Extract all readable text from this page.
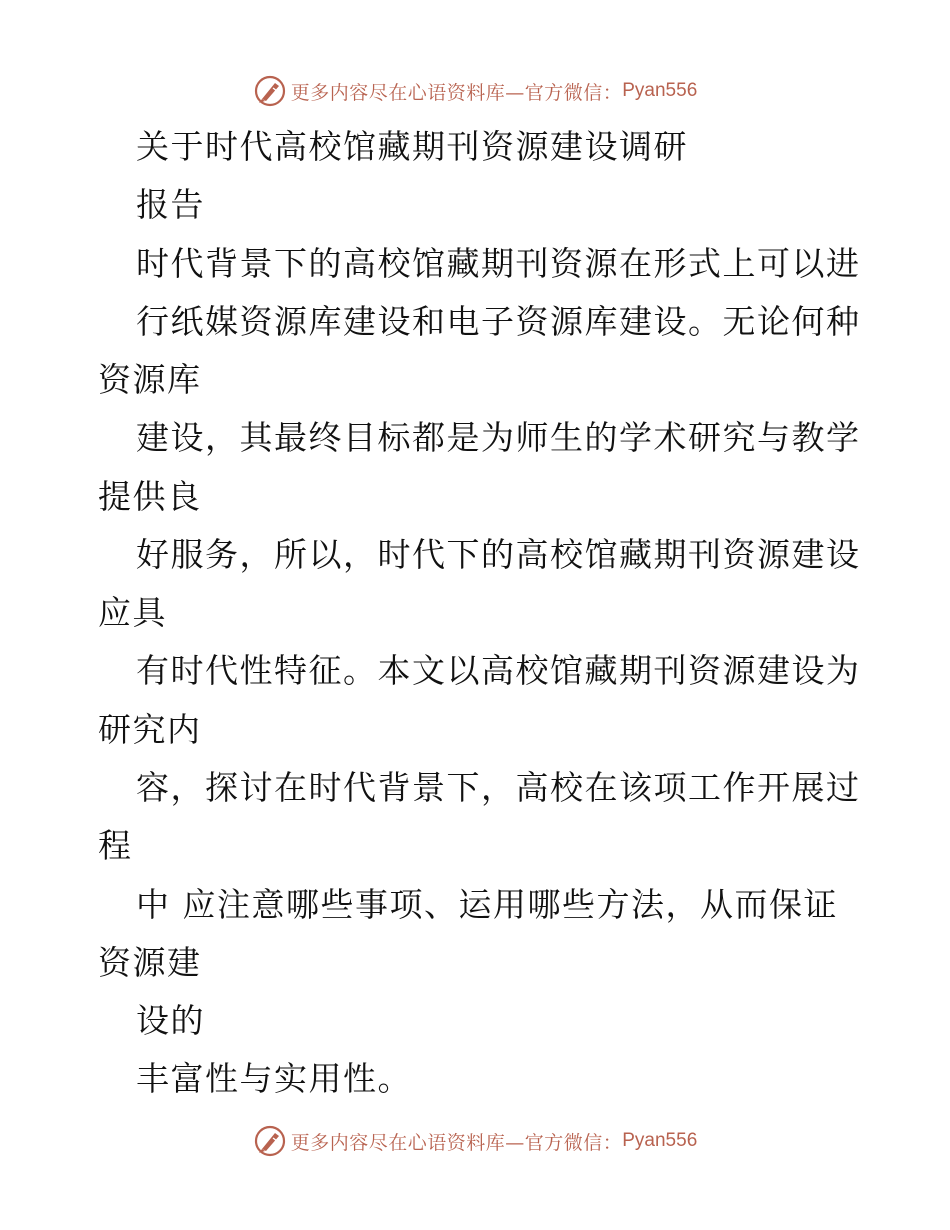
更多内容尽在心语资料库—官方微信： Pyan556
关于时代高校馆藏期刊资源建设调研
报告
时代背景下的高校馆藏期刊资源在形式上可以进
行纸媒资源库建设和电子资源库建设。无论何种
资源库
建设，其最终目标都是为师生的学术研究与教学
提供良
好服务，所以，时代下的高校馆藏期刊资源建设
应具
有时代性特征。本文以高校馆藏期刊资源建设为
研究内
容，探讨在时代背景下，高校在该项工作开展过
程
中 应注意哪些事项、运用哪些方法，从而保证
资源建
设的
丰富性与实用性。
更多内容尽在心语资料库—官方微信： Pyan556
